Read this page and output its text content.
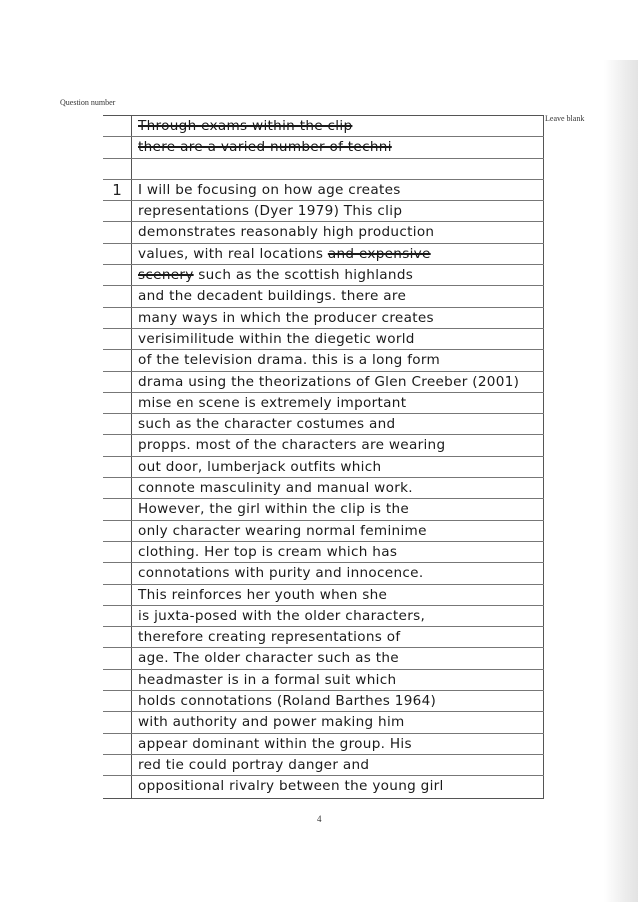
Question number
Leave blank
Through exams within the clip
there are a varied number of techni
1	I will be focusing on how age creates
representations (Dyer 1979) This clip
demonstrates reasonably high production
values, with real locations and expensive
scenery such as the scottish highlands
and the decadent buildings. there are
many ways in which the producer creates
verisimilitude within the diegetic world
of the television drama. this is a long form
drama using the theorizations of Glen Creeber (2001)
mise en scene is extremely important
such as the character costumes and
propps. most of the characters are wearing
out door, lumberjack outfits which
connote masculinity and manual work.
However, the girl within the clip is the
only character wearing normal feminime
clothing. Her top is cream which has
connotations with purity and innocence.
This reinforces her youth when she
is juxta-posed with the older characters,
therefore creating representations of
age. The older character such as the
headmaster is in a formal suit which
holds connotations (Roland Barthes 1964)
with authority and power making him
appear dominant within the group. His
red tie could portray danger and
oppositional rivalry between the young girl
4
